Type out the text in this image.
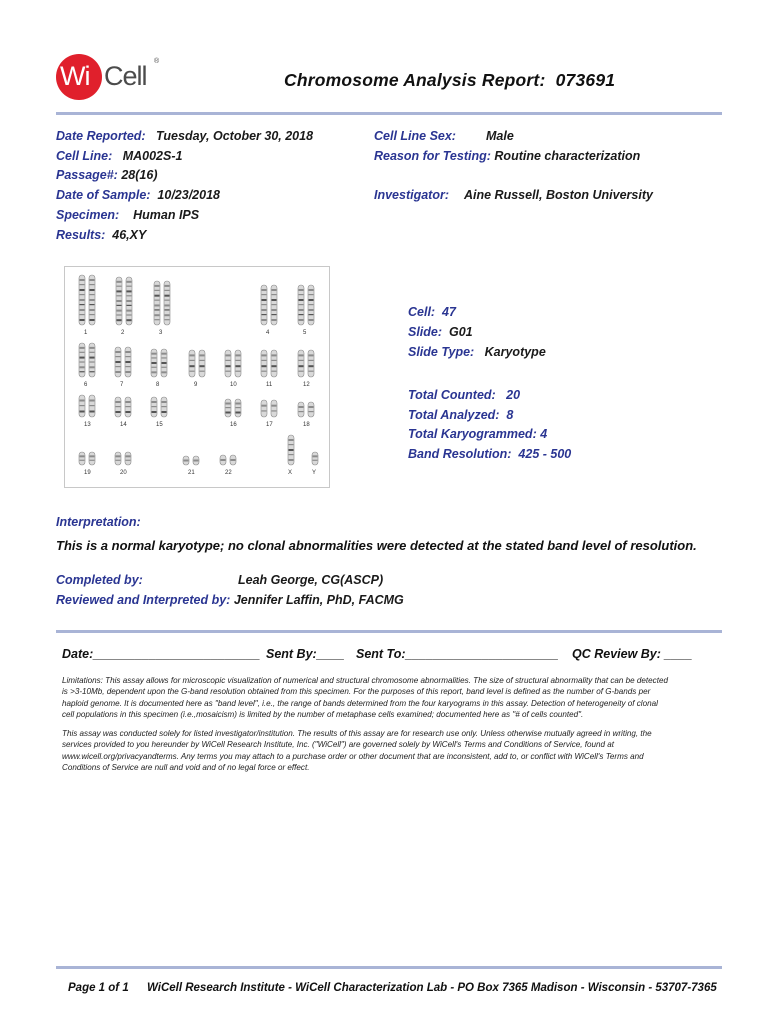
Wi Cell ®
Chromosome Analysis Report: 073691
Date Reported: Tuesday, October 30, 2018
Cell Line: MA002S-1
Passage#: 28(16)
Date of Sample: 10/23/2018
Specimen: Human IPS
Results: 46,XY
Cell Line Sex: Male
Reason for Testing: Routine characterization
Investigator: Aine Russell, Boston University
1	2	3	4	5
6	7	8	9	10	11	12
13	14	15	16	17	18
19	20	21	22	X	Y
Cell: 47
Slide: G01
Slide Type: Karyotype
Total Counted: 20
Total Analyzed: 8
Total Karyogrammed: 4
Band Resolution: 425 - 500
Interpretation:
This is a normal karyotype; no clonal abnormalities were detected at the stated band level of resolution.
Completed by:	Leah George, CG(ASCP)
Reviewed and Interpreted by: Jennifer Laffin, PhD, FACMG
Date:________________________ Sent By:____ Sent To:______________________ QC Review By: ____
Limitations: This assay allows for microscopic visualization of numerical and structural chromosome abnormalities. The size of structural abnormality that can be detected
is >3-10Mb, dependent upon the G-band resolution obtained from this specimen. For the purposes of this report, band level is defined as the number of G-bands per
haploid genome. It is documented here as "band level", i.e., the range of bands determined from the four karyograms in this assay. Detection of heterogeneity of clonal
cell populations in this specimen (i.e.,mosaicism) is limited by the number of metaphase cells examined; documented here as "# of cells counted".
This assay was conducted solely for listed investigator/institution. The results of this assay are for research use only. Unless otherwise mutually agreed in writing, the
services provided to you hereunder by WiCell Research Institute, Inc. ("WiCell") are governed solely by WiCell's Terms and Conditions of Service, found at
www.wicell.org/privacyandterms. Any terms you may attach to a purchase order or other document that are inconsistent, add to, or conflict with WiCell's Terms and
Conditions of Service are null and void and of no legal force or effect.
Page 1 of 1 WiCell Research Institute - WiCell Characterization Lab - PO Box 7365 Madison - Wisconsin - 53707-7365
